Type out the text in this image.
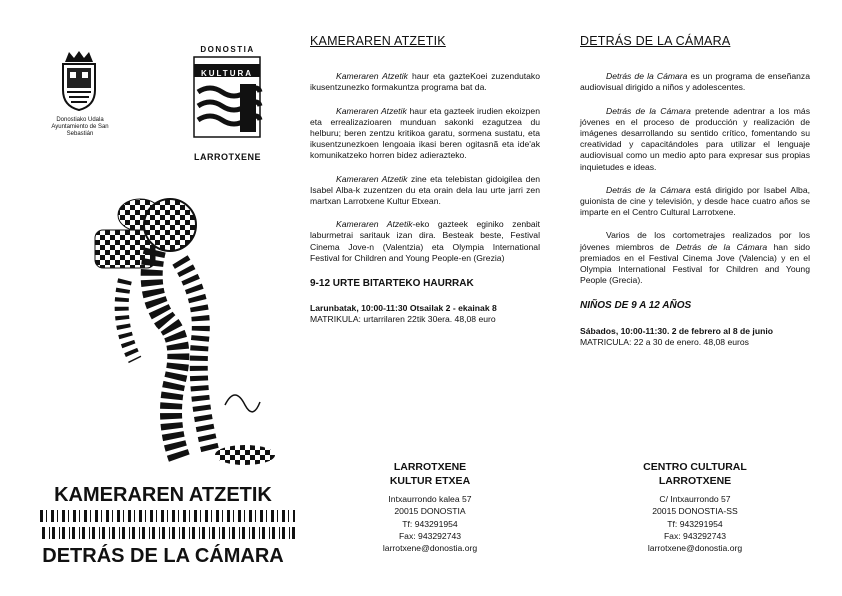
Donostiako Udala
Ayuntamiento de San Sebastián
DONOSTIA
KULTURA
LARROTXENE
KAMERAREN ATZETIK
DETRÁS DE LA CÁMARA
KAMERAREN ATZETIK

Kameraren Atzetik haur eta gazteKoei zuzendutako ikusentzunezko formakuntza programa bat da.

Kameraren Atzetik haur eta gazteek irudien ekoizpen eta errealizazioaren munduan sakonki ezagutzea du helburu; beren zentzu kritikoa garatu, sormena sustatu, eta ikusentzunezkoen lengoaia ikasi beren ogitasnã eta ide'ak komunikatzeko horren bidez adierazteko.

Kameraren Atzetik zine eta telebistan gidoigilea den Isabel Alba-k zuzentzen du eta orain dela lau urte jarri zen martxan Larrotxene Kultur Etxean.

Kameraren Atzetik-eko gazteek eginiko zenbait laburmetrai saritauk izan dira. Besteak beste, Festival Cinema Jove-n (Valentzia) eta Olympia International Festival for Children and Young People-en (Grezia)

9-12 URTE BITARTEKO HAURRAK

Larunbatak, 10:00-11:30 Otsailak 2 - ekainak 8
MATRIKULA: urtarrilaren 22tik 30era. 48,08 euro

DETRÁS DE LA CÁMARA

Detrás de la Cámara es un programa de enseñanza audiovisual dirigido a niños y adolescentes.

Detrás de la Cámara pretende adentrar a los más jóvenes en el proceso de producción y realización de imágenes desarrollando su sentido crítico, fomentando su creatividad y capacitándoles para utilizar el lenguaje audiovisual como un medio apto para expresar sus propias inquietudes e ideas.

Detrás de la Cámara está dirigido por Isabel Alba, guionista de cine y televisión, y desde hace cuatro años se imparte en el Centro Cultural Larrotxene.

Varios de los cortometrajes realizados por los jóvenes miembros de Detrás de la Cámara han sido premiados en el Festival Cinema Jove (Valencia) y en el Olympia International Festival for Children and Young People (Grecia).

NIÑOS DE 9 A 12 AÑOS

Sábados, 10:00-11:30. 2 de febrero al 8 de junio
MATRICULA: 22 a 30 de enero. 48,08 euros

LARROTXENE
KULTUR ETXEA
Intxaurrondo kalea 57
20015 DONOSTIA
Tf: 943291954
Fax: 943292743
larrotxene@donostia.org
CENTRO CULTURAL
LARROTXENE
C/ Intxaurrondo 57
20015 DONOSTIA-SS
Tf: 943291954
Fax: 943292743
larrotxene@donostia.org
